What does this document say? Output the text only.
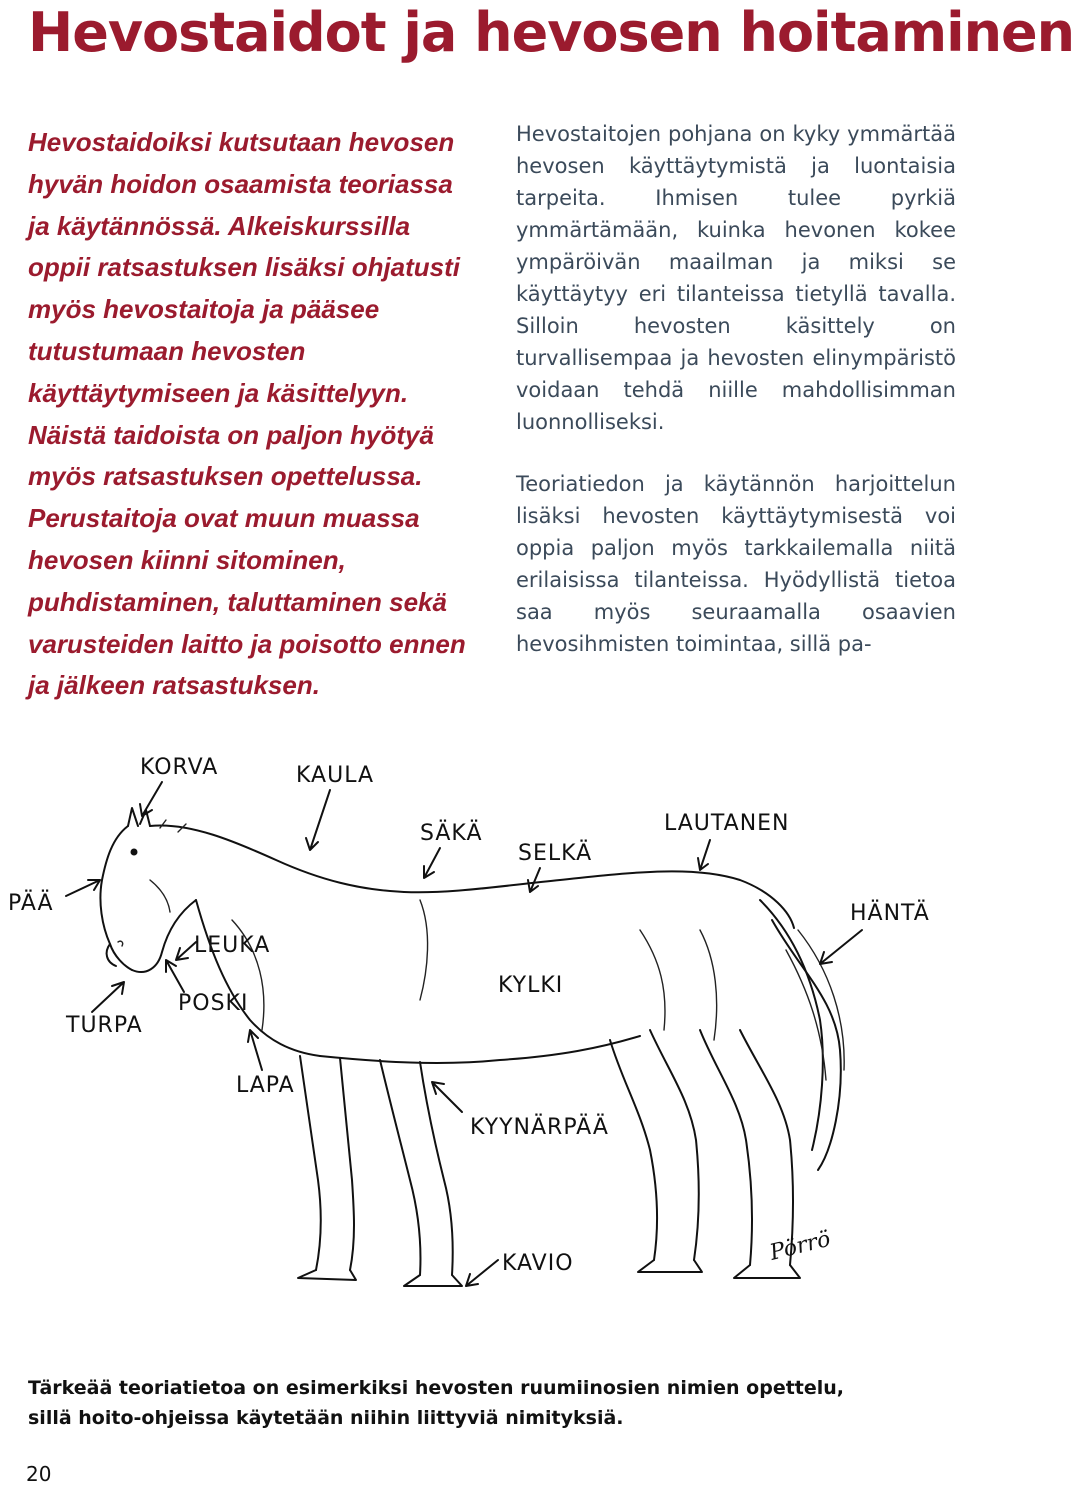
Hevostaidot ja hevosen hoitaminen

Hevostaidoiksi kutsutaan hevosen hyvän hoidon osaamista teoriassa ja käytännössä. Alkeiskurssilla oppii ratsastuksen lisäksi ohjatusti myös hevostaitoja ja pääsee tutustumaan hevosten käyttäytymiseen ja käsittelyyn. Näistä taidoista on paljon hyötyä myös ratsastuksen opettelussa. Perustaitoja ovat muun muassa hevosen kiinni sitominen, puhdistaminen, taluttaminen sekä varusteiden laitto ja poisotto ennen ja jälkeen ratsastuksen.

Hevostaitojen pohjana on kyky ymmärtää hevosen käyttäytymistä ja luontaisia tarpeita. Ihmisen tulee pyrkiä ymmärtämään, kuinka hevonen kokee ympäröivän maailman ja miksi se käyttäytyy eri tilanteissa tietyllä tavalla. Silloin hevosten käsittely on turvallisempaa ja hevosten elinympäristö voidaan tehdä niille mahdollisimman luonnolliseksi.

Teoriatiedon ja käytännön harjoittelun lisäksi hevosten käyttäytymisestä voi oppia paljon myös tarkkailemalla niitä erilaisissa tilanteissa. Hyödyllistä tietoa saa myös seuraamalla osaavien hevosihmisten toimintaa, sillä pa-

KORVA	KAULA
SÄKÄ
SELKÄ
LAUTANEN
PÄÄ	HÄNTÄ
LEUKA
KYLKI
TURPA
POSKI
LAPA
KYYNÄRPÄÄ
KAVIO	Pörrö

Tärkeää teoriatietoa on esimerkiksi hevosten ruumiinosien nimien opettelu,
sillä hoito-ohjeissa käytetään niihin liittyviä nimityksiä.

20
